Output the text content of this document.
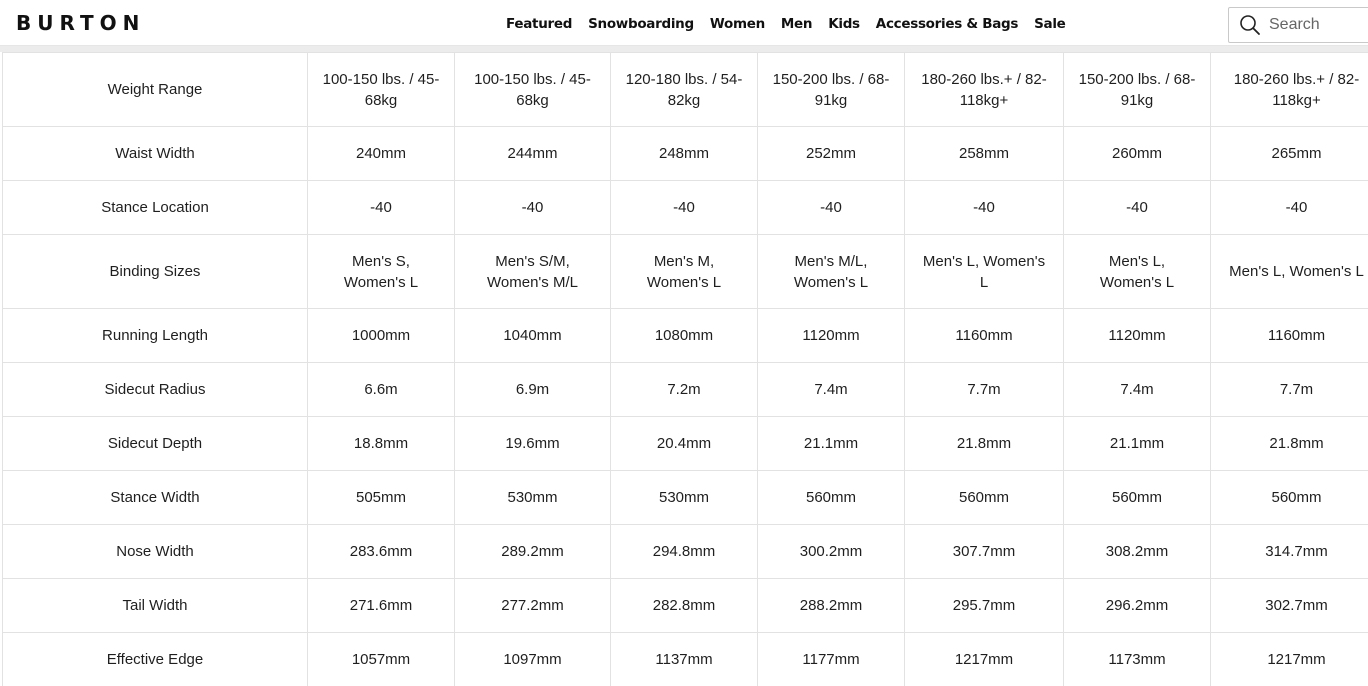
BURTON	Featured Snowboarding Women Men Kids Accessories & Bags Sale
Search
Weight Range	100-150 lbs. / 45-68kg	100-150 lbs. / 45-68kg	120-180 lbs. / 54-82kg	150-200 lbs. / 68-91kg	180-260 lbs.+ / 82-118kg+	150-200 lbs. / 68-91kg	180-260 lbs.+ / 82-118kg+
Waist Width	240mm	244mm	248mm	252mm	258mm	260mm	265mm
Stance Location	-40	-40	-40	-40	-40	-40	-40
Binding Sizes	Men's S, Women's L	Men's S/M, Women's M/L	Men's M, Women's L	Men's M/L, Women's L	Men's L, Women's L	Men's L, Women's L	Men's L, Women's L
Running Length	1000mm	1040mm	1080mm	1120mm	1160mm	1120mm	1160mm
Sidecut Radius	6.6m	6.9m	7.2m	7.4m	7.7m	7.4m	7.7m
Sidecut Depth	18.8mm	19.6mm	20.4mm	21.1mm	21.8mm	21.1mm	21.8mm
Stance Width	505mm	530mm	530mm	560mm	560mm	560mm	560mm
Nose Width	283.6mm	289.2mm	294.8mm	300.2mm	307.7mm	308.2mm	314.7mm
Tail Width	271.6mm	277.2mm	282.8mm	288.2mm	295.7mm	296.2mm	302.7mm
Effective Edge	1057mm	1097mm	1137mm	1177mm	1217mm	1173mm	1217mm
